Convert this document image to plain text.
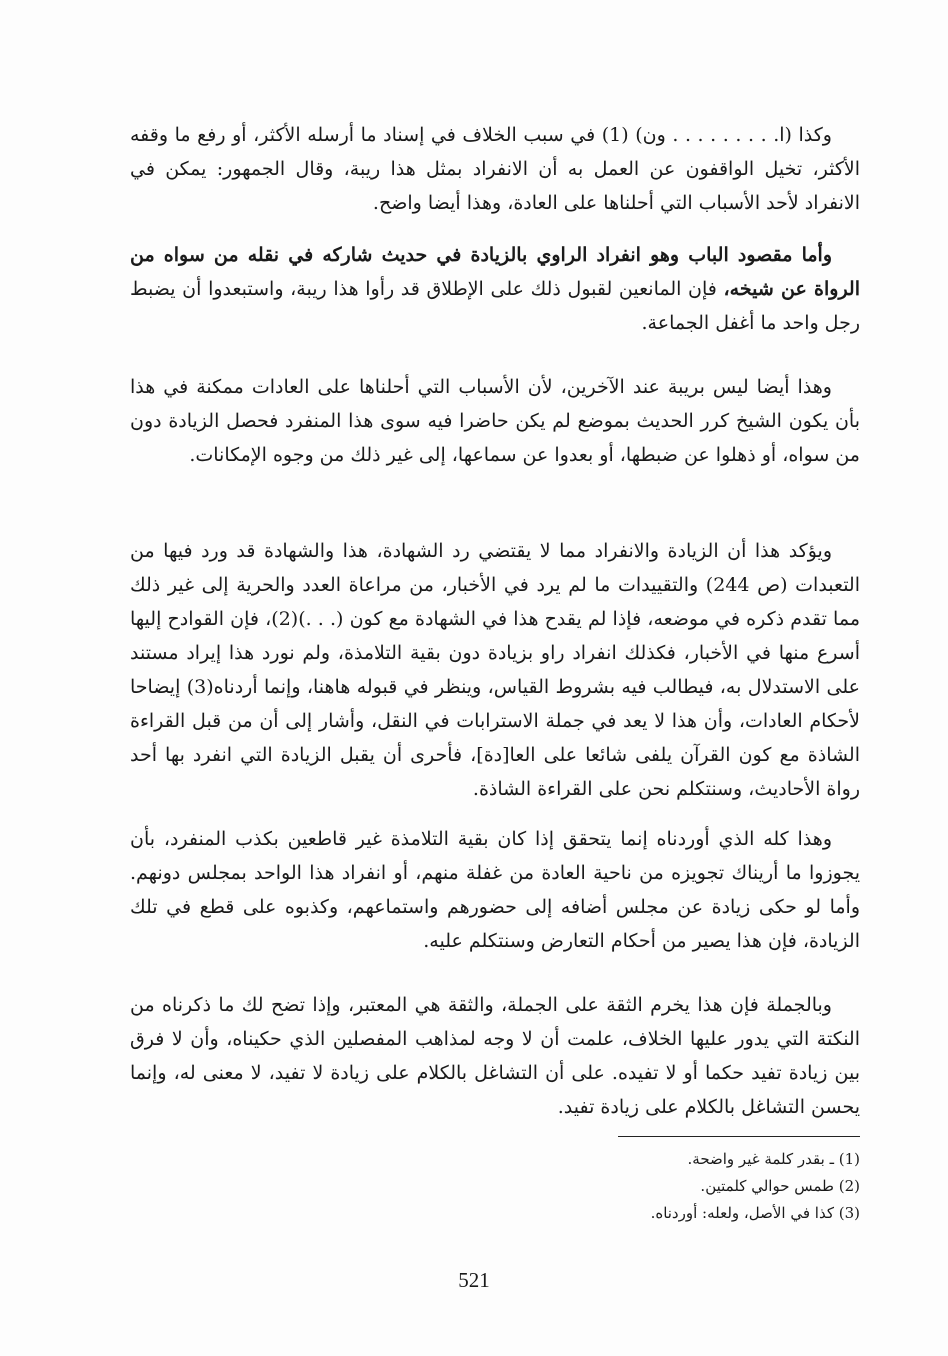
وكذا (ا. . . . . . . . . ون) (1) في سبب الخلاف في إسناد ما أرسله الأكثر، أو رفع ما وقفه الأكثر، تخيل الواقفون عن العمل به أن الانفراد بمثل هذا ريبة، وقال الجمهور: يمكن في الانفراد لأحد الأسباب التي أحلناها على العادة، وهذا أيضا واضح.
وأما مقصود الباب وهو انفراد الراوي بالزيادة في حديث شاركه في نقله من سواه من الرواة عن شيخه، فإن المانعين لقبول ذلك على الإطلاق قد رأوا هذا ريبة، واستبعدوا أن يضبط رجل واحد ما أغفل الجماعة.
وهذا أيضا ليس بريبة عند الآخرين، لأن الأسباب التي أحلناها على العادات ممكنة في هذا بأن يكون الشيخ كرر الحديث بموضع لم يكن حاضرا فيه سوى هذا المنفرد فحصل الزيادة دون من سواه، أو ذهلوا عن ضبطها، أو بعدوا عن سماعها، إلى غير ذلك من وجوه الإمكانات.
ويؤكد هذا أن الزيادة والانفراد مما لا يقتضي رد الشهادة، هذا والشهادة قد ورد فيها من التعبدات (ص 244) والتقييدات ما لم يرد في الأخبار، من مراعاة العدد والحرية إلى غير ذلك مما تقدم ذكره في موضعه، فإذا لم يقدح هذا في الشهادة مع كون (. . .)(2)، فإن القوادح إليها أسرع منها في الأخبار، فكذلك انفراد راو بزيادة دون بقية التلامذة، ولم نورد هذا إيراد مستند على الاستدلال به، فيطالب فيه بشروط القياس، وينظر في قبوله هاهنا، وإنما أردناه(3) إيضاحا لأحكام العادات، وأن هذا لا يعد في جملة الاسترابات في النقل، وأشار إلى أن من قبل القراءة الشاذة مع كون القرآن يلفى شائعا على العا[دة]، فأحرى أن يقبل الزيادة التي انفرد بها أحد رواة الأحاديث، وسنتكلم نحن على القراءة الشاذة.
وهذا كله الذي أوردناه إنما يتحقق إذا كان بقية التلامذة غير قاطعين بكذب المنفرد، بأن يجوزوا ما أريناك تجويزه من ناحية العادة من غفلة منهم، أو انفراد هذا الواحد بمجلس دونهم. وأما لو حكى زيادة عن مجلس أضافه إلى حضورهم واستماعهم، وكذبوه على قطع في تلك الزيادة، فإن هذا يصير من أحكام التعارض وسنتكلم عليه.
وبالجملة فإن هذا يخرم الثقة على الجملة، والثقة هي المعتبر، وإذا تضح لك ما ذكرناه من النكتة التي يدور عليها الخلاف، علمت أن لا وجه لمذاهب المفصلين الذي حكيناه، وأن لا فرق بين زيادة تفيد حكما أو لا تفيده. على أن التشاغل بالكلام على زيادة لا تفيد، لا معنى له، وإنما يحسن التشاغل بالكلام على زيادة تفيد.
(1) ـ بقدر كلمة غير واضحة.
(2) طمس حوالي كلمتين.
(3) كذا في الأصل، ولعله: أوردناه.
521
